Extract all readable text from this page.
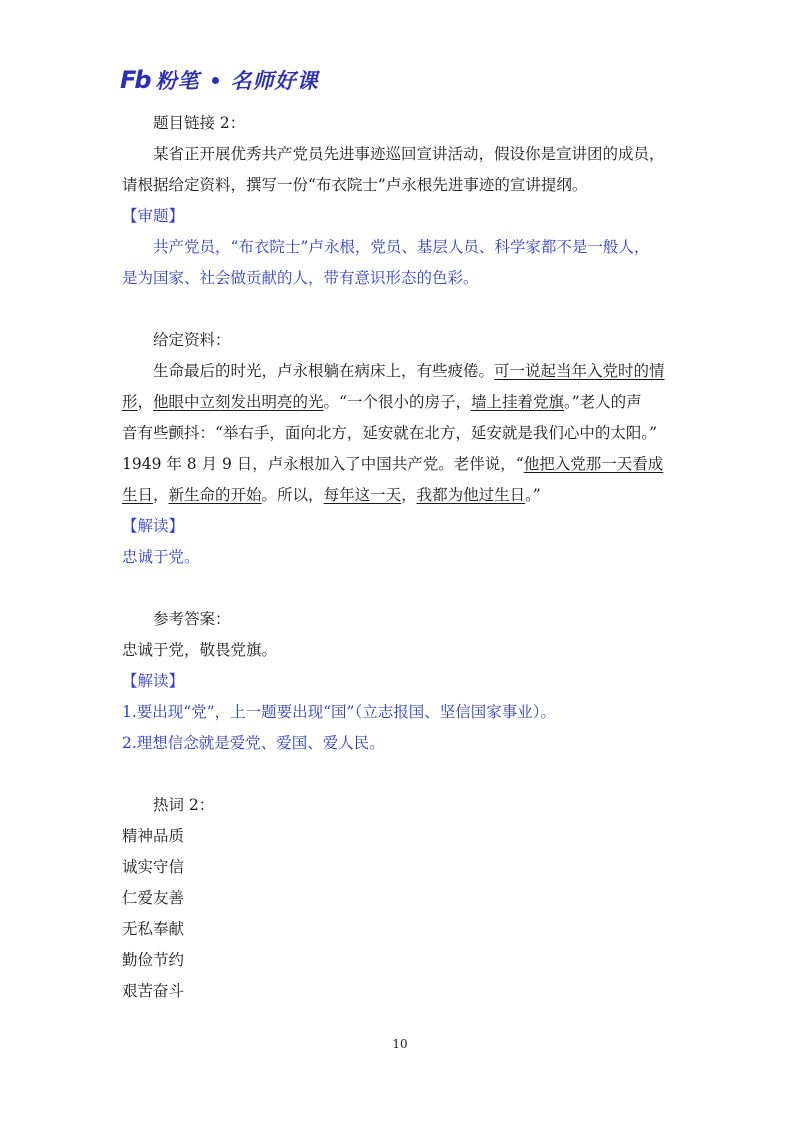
Fb 粉笔 名师好课
题目链接 2：
某省正开展优秀共产党员先进事迹巡回宣讲活动，假设你是宣讲团的成员，
请根据给定资料，撰写一份“布衣院士”卢永根先进事迹的宣讲提纲。
【审题】
共产党员，“布衣院士”卢永根，党员、基层人员、科学家都不是一般人，
是为国家、社会做贡献的人，带有意识形态的色彩。
给定资料：
生命最后的时光，卢永根躺在病床上，有些疲倦。可一说起当年入党时的情
形，他眼中立刻发出明亮的光。“一个很小的房子，墙上挂着党旗。”老人的声
音有些颤抖：“举右手，面向北方，延安就在北方，延安就是我们心中的太阳。”
1949 年 8 月 9 日，卢永根加入了中国共产党。老伴说，“他把入党那一天看成
生日，新生命的开始。所以，每年这一天，我都为他过生日。”
【解读】
忠诚于党。
参考答案：
忠诚于党，敬畏党旗。
【解读】
1.要出现“党”，上一题要出现“国”（立志报国、坚信国家事业）。
2.理想信念就是爱党、爱国、爱人民。
热词 2：
精神品质
诚实守信
仁爱友善
无私奉献
勤俭节约
艰苦奋斗
10
